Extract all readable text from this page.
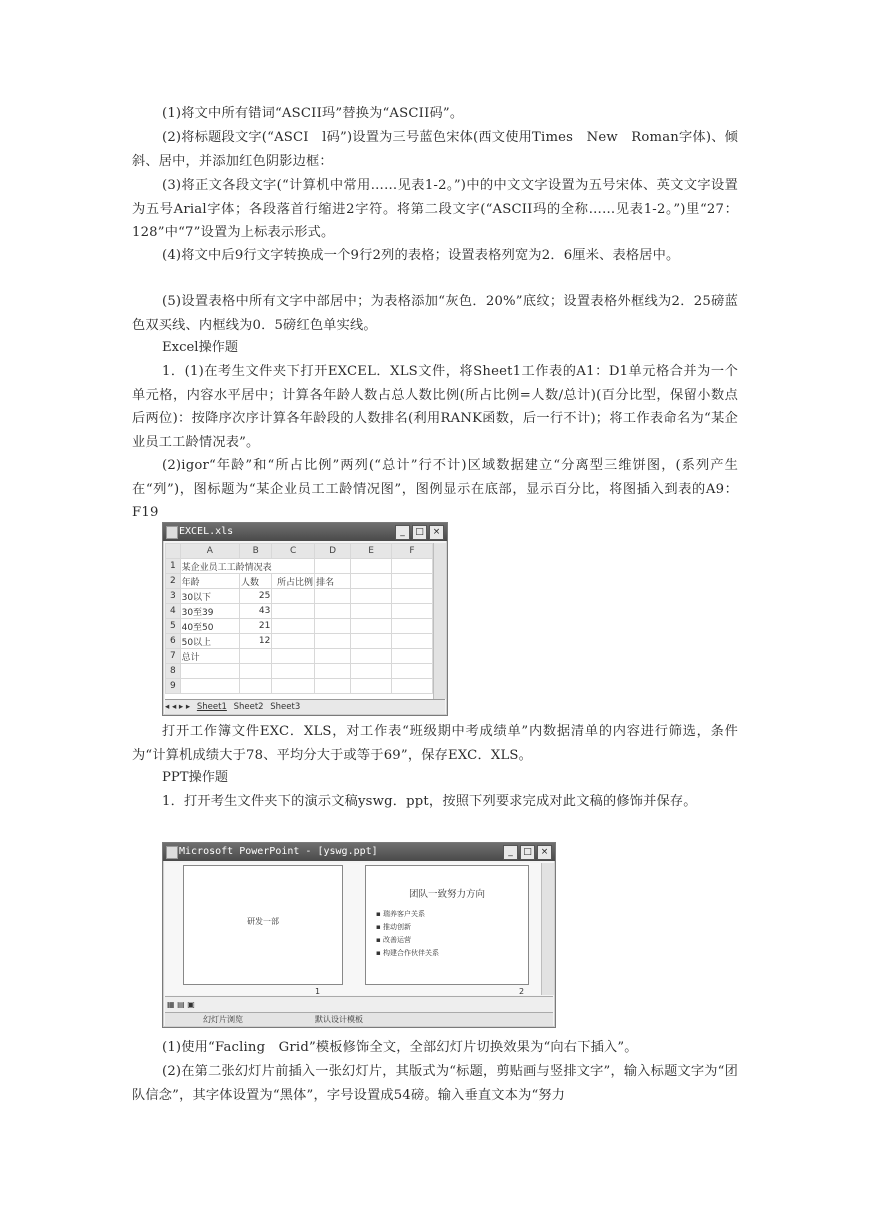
(1)将文中所有错词“ASCII玛”替换为“ASCII码”。

(2)将标题段文字(“ASCI　l码”)设置为三号蓝色宋体(西文使用Times　New　Roman字体)、倾斜、居中，并添加红色阴影边框：

(3)将正文各段文字(“计算机中常用……见表1-2。”)中的中文文字设置为五号宋体、英文文字设置为五号Arial字体；各段落首行缩进2字符。将第二段文字(“ASCII玛的全称……见表1-2。”)里“27：128”中“7”设置为上标表示形式。

(4)将文中后9行文字转换成一个9行2列的表格；设置表格列宽为2．6厘米、表格居中。

(5)设置表格中所有文字中部居中；为表格添加“灰色．20%”底纹；设置表格外框线为2．25磅蓝色双买线、内框线为0．5磅红色单实线。

Excel操作题

1．(1)在考生文件夹下打开EXCEL．XLS文件，将Sheet1工作表的A1：D1单元格合并为一个单元格，内容水平居中；计算各年龄人数占总人数比例(所占比例=人数/总计)(百分比型，保留小数点后两位)：按降序次序计算各年龄段的人数排名(利用RANK函数，后一行不计)；将工作表命名为“某企业员工工龄情况表”。

(2)igor“年龄”和“所占比例”两列(“总计”行不计)区域数据建立“分离型三维饼图，(系列产生在“列”)，图标题为“某企业员工工龄情况图”，图例显示在底部，显示百分比，将图插入到表的A9：F19

EXCEL.xls	_	□ ×
	A	B	C	D	E	F
1	某企业员工工龄情况表					
2	年龄	人数	所占比例	排名		
3	30以下	25				
4	30至39	43				
5	40至50	21				
6	50以上	12				
7	总计					
8						
9						
◂ ◂ ▸ ▸ Sheet1 Sheet2 Sheet3

打开工作簿文件EXC．XLS，对工作表“班级期中考成绩单”内数据清单的内容进行筛选，条件为“计算机成绩大于78、平均分大于或等于69”，保存EXC．XLS。

PPT操作题

1．打开考生文件夹下的演示文稿yswg．ppt，按照下列要求完成对此文稿的修饰并保存。

Microsoft PowerPoint - [yswg.ppt]	_	□ ×
研发一部
1
团队一致努力方向
▪ 瑞养客户关系
▪ 推动创新
▪ 改善运营
▪ 构建合作伙伴关系
2
▦ ▤ ▣
幻灯片浏览	默认设计模板

(1)使用“Facling　Grid”模板修饰全文，全部幻灯片切换效果为“向右下插入”。

(2)在第二张幻灯片前插入一张幻灯片，其版式为“标题，剪贴画与竖排文字”，输入标题文字为“团队信念”，其字体设置为“黑体”，字号设置成54磅。输入垂直文本为“努力
